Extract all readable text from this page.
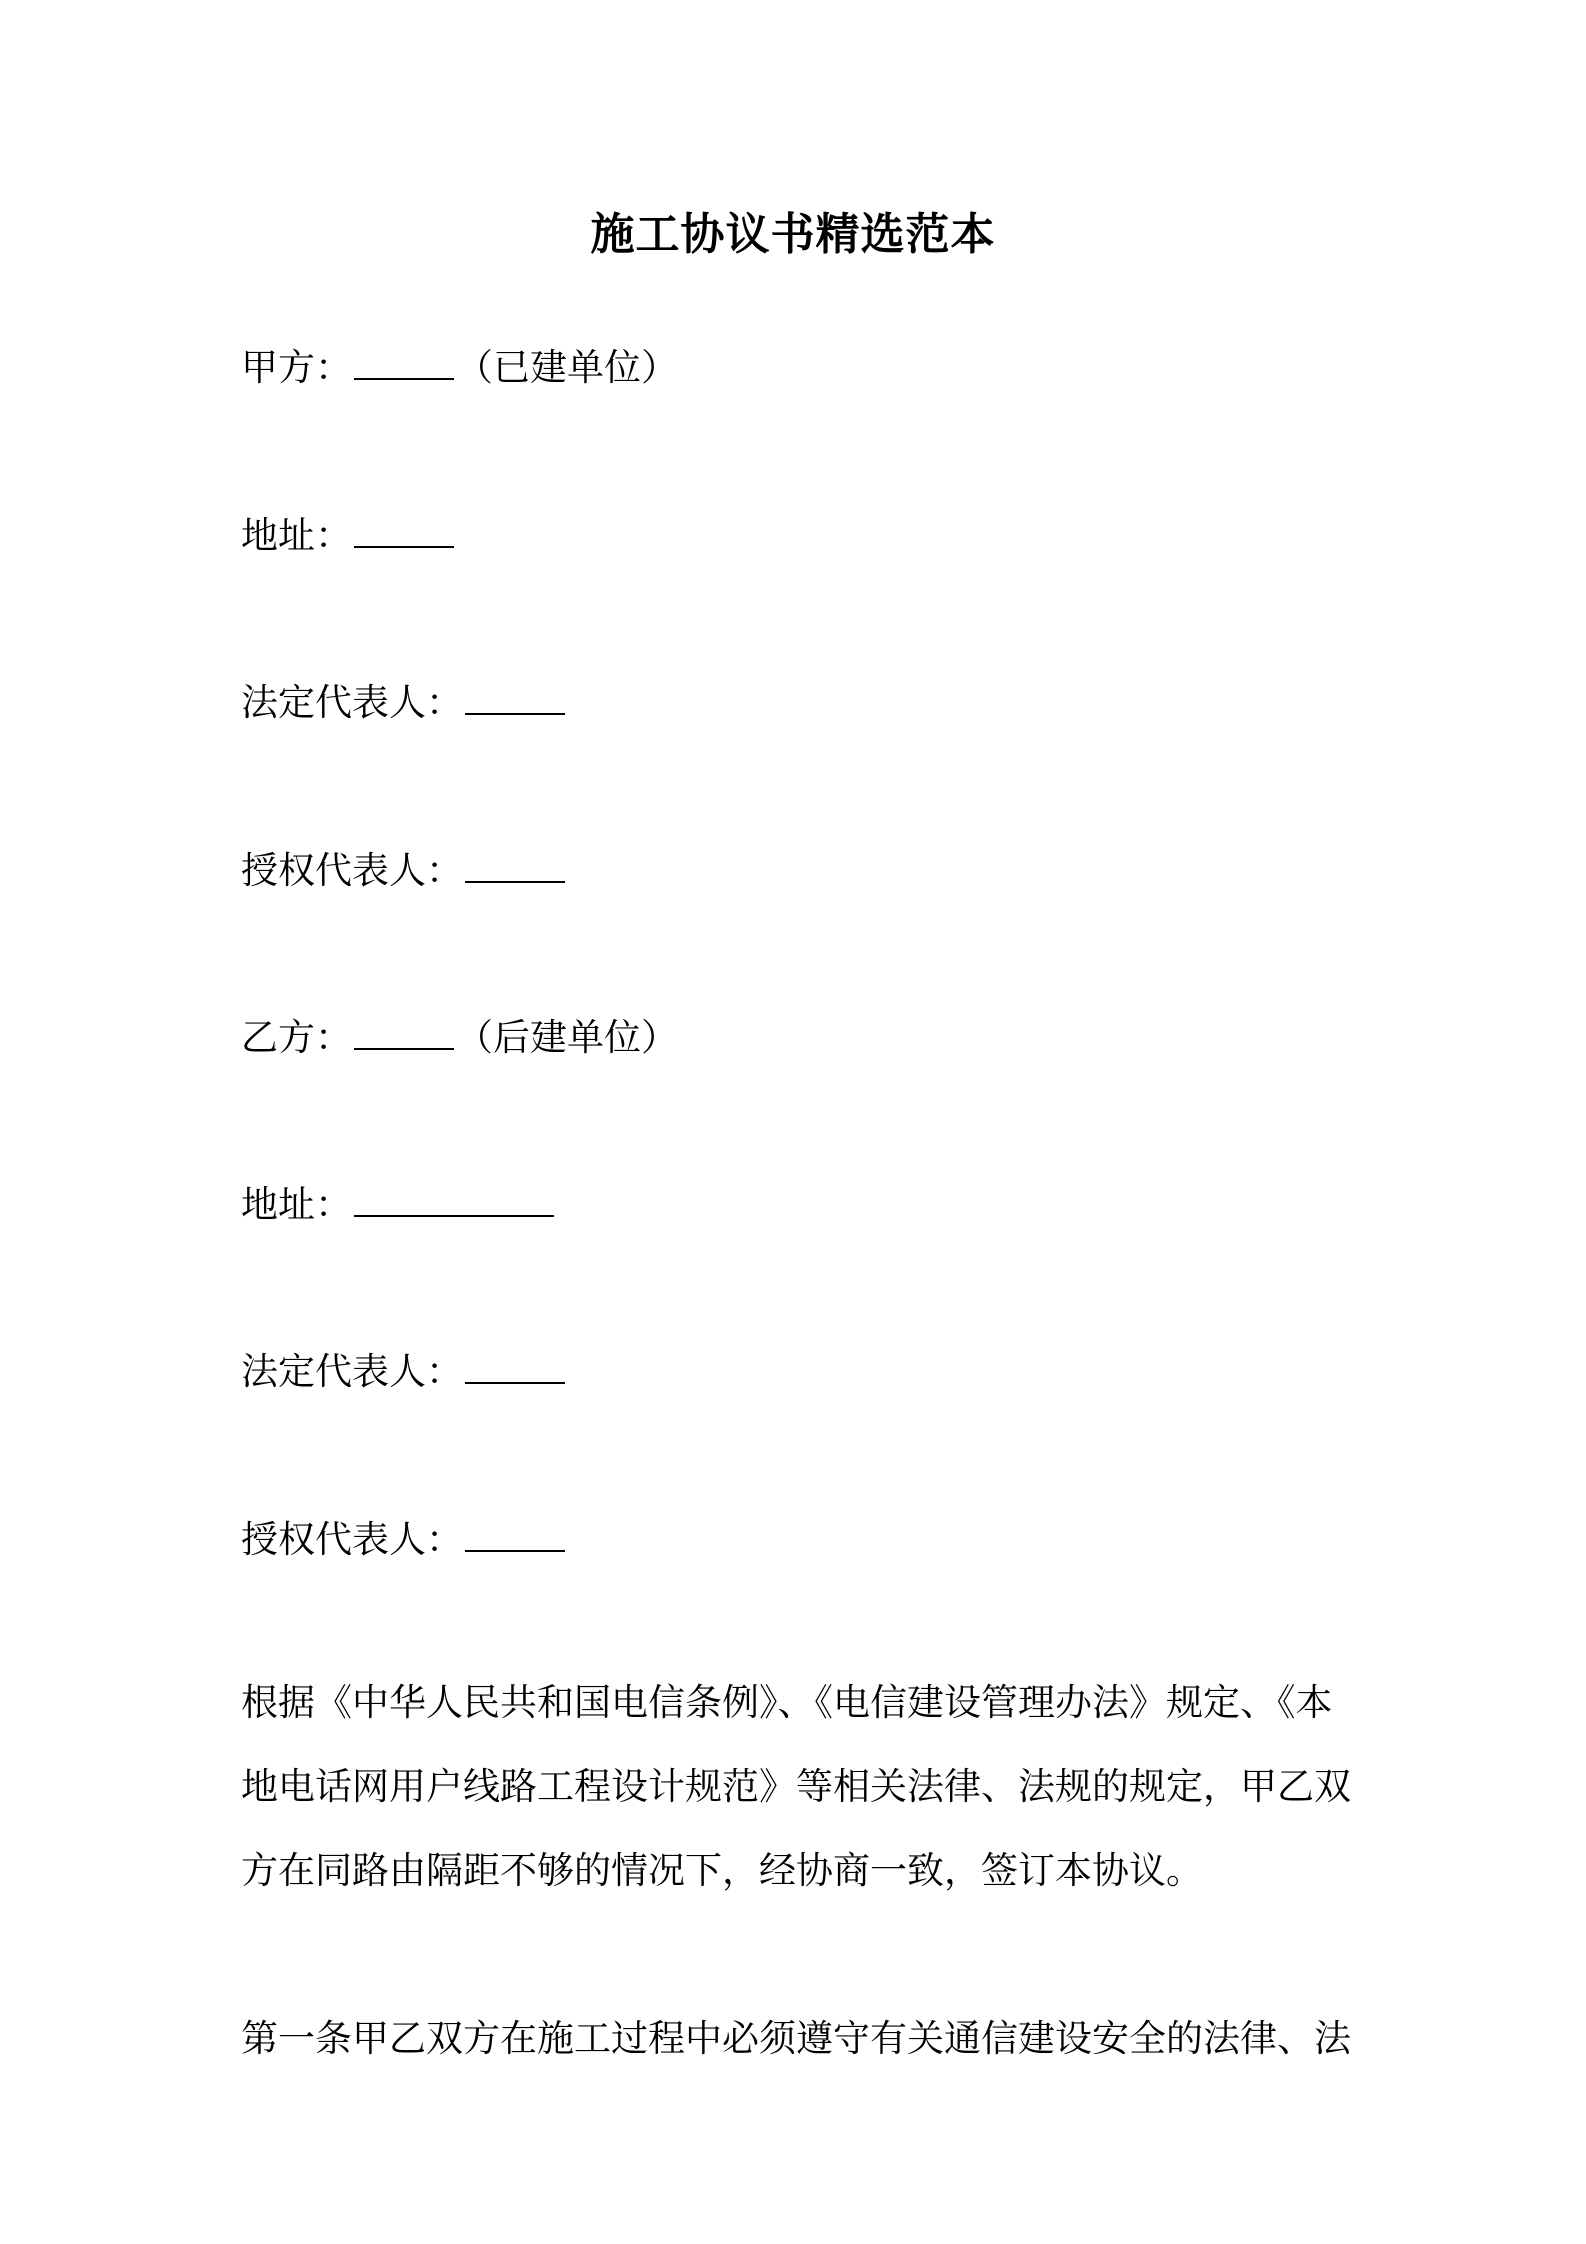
施工协议书精选范本
甲方：	（已建单位）
地址：
法定代表人：
授权代表人：
乙方：	（后建单位）
地址：
法定代表人：
授权代表人：
根据《中华人民共和国电信条例》、《电信建设管理办法》规定、《本
地电话网用户线路工程设计规范》等相关法律、法规的规定，甲乙双
方在同路由隔距不够的情况下，经协商一致，签订本协议。
第一条甲乙双方在施工过程中必须遵守有关通信建设安全的法律、法
